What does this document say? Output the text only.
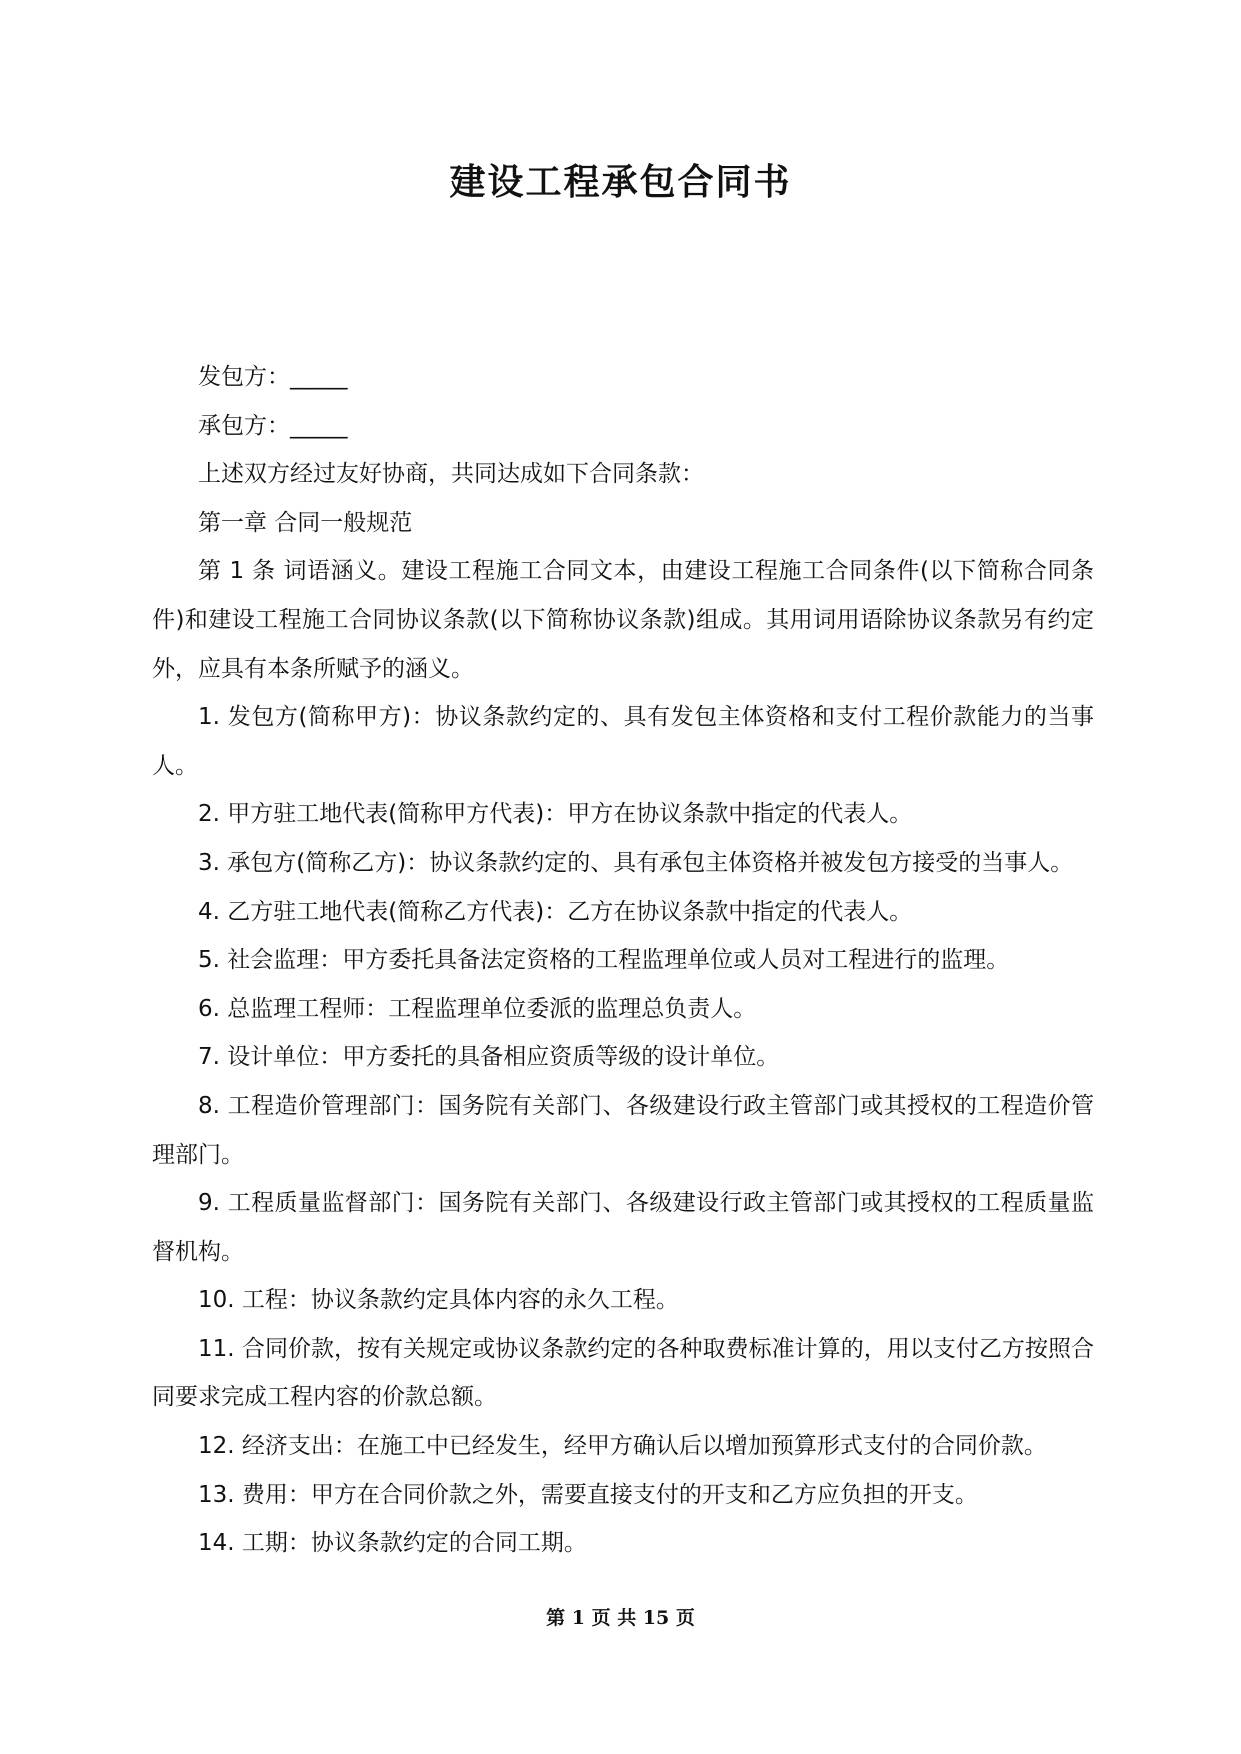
建设工程承包合同书

发包方：_____

承包方：_____

上述双方经过友好协商，共同达成如下合同条款：

第一章 合同一般规范

第 1 条 词语涵义。建设工程施工合同文本，由建设工程施工合同条件(以下简称合同条件)和建设工程施工合同协议条款(以下简称协议条款)组成。其用词用语除协议条款另有约定外，应具有本条所赋予的涵义。

1. 发包方(简称甲方)：协议条款约定的、具有发包主体资格和支付工程价款能力的当事人。

2. 甲方驻工地代表(简称甲方代表)：甲方在协议条款中指定的代表人。

3. 承包方(简称乙方)：协议条款约定的、具有承包主体资格并被发包方接受的当事人。

4. 乙方驻工地代表(简称乙方代表)：乙方在协议条款中指定的代表人。

5. 社会监理：甲方委托具备法定资格的工程监理单位或人员对工程进行的监理。

6. 总监理工程师：工程监理单位委派的监理总负责人。

7. 设计单位：甲方委托的具备相应资质等级的设计单位。

8. 工程造价管理部门：国务院有关部门、各级建设行政主管部门或其授权的工程造价管理部门。

9. 工程质量监督部门：国务院有关部门、各级建设行政主管部门或其授权的工程质量监督机构。

10. 工程：协议条款约定具体内容的永久工程。

11. 合同价款，按有关规定或协议条款约定的各种取费标准计算的，用以支付乙方按照合同要求完成工程内容的价款总额。

12. 经济支出：在施工中已经发生，经甲方确认后以增加预算形式支付的合同价款。

13. 费用：甲方在合同价款之外，需要直接支付的开支和乙方应负担的开支。

14. 工期：协议条款约定的合同工期。

第 1 页 共 15 页
